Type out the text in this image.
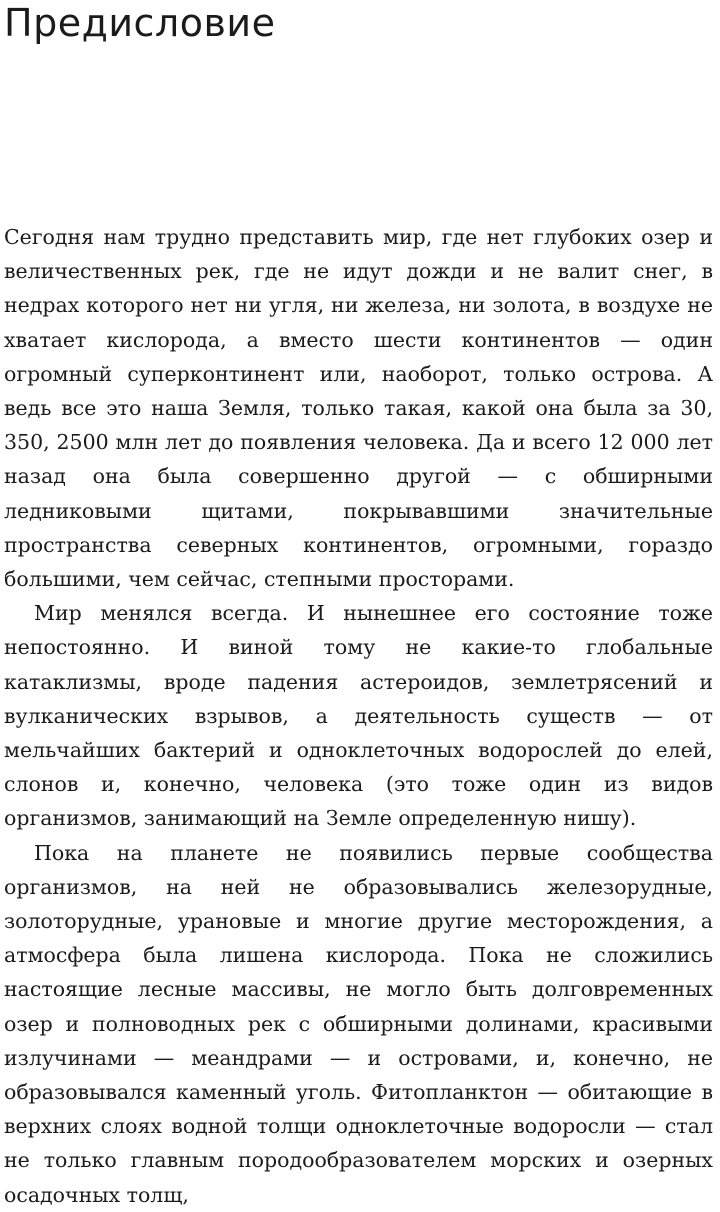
Предисловие

Сегодня нам трудно представить мир, где нет глубоких озер и величественных рек, где не идут дожди и не валит снег, в недрах которого нет ни угля, ни железа, ни золота, в воздухе не хватает кислорода, а вместо шести континентов — один огромный суперконтинент или, наоборот, только острова. А ведь все это наша Земля, только такая, какой она была за 30, 350, 2500 млн лет до появления человека. Да и всего 12 000 лет назад она была совершенно другой — с обширными ледниковыми щитами, покрывавшими значительные пространства северных континентов, огромными, гораздо большими, чем сейчас, степными просторами.

Мир менялся всегда. И нынешнее его состояние тоже непостоянно. И виной тому не какие-то глобальные катаклизмы, вроде падения астероидов, землетрясений и вулканических взрывов, а деятельность существ — от мельчайших бактерий и одноклеточных водорослей до елей, слонов и, конечно, человека (это тоже один из видов организмов, занимающий на Земле определенную нишу).

Пока на планете не появились первые сообщества организмов, на ней не образовывались железорудные, золоторудные, урановые и многие другие месторождения, а атмосфера была лишена кислорода. Пока не сложились настоящие лесные массивы, не могло быть долговременных озер и полноводных рек с обширными долинами, красивыми излучинами — меандрами — и островами, и, конечно, не образовывался каменный уголь. Фитопланктон — обитающие в верхних слоях водной толщи одноклеточные водоросли — стал не только главным породообразователем морских и озерных осадочных толщ,
